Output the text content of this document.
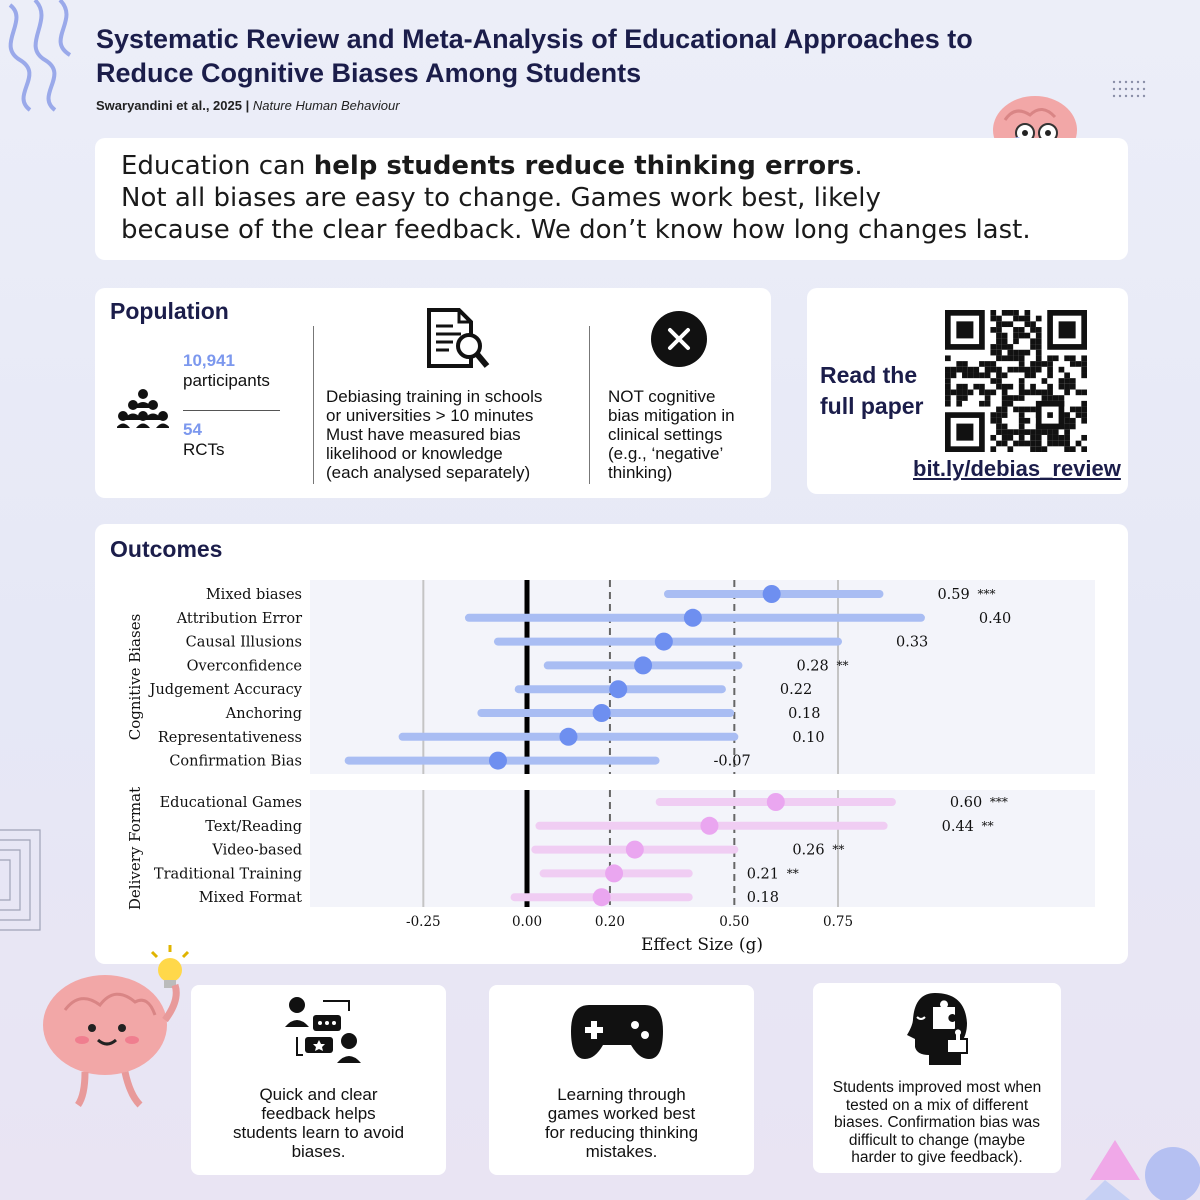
Systematic Review and Meta-Analysis of Educational Approaches to
Reduce Cognitive Biases Among Students
Swaryandini et al., 2025 | Nature Human Behaviour

Education can help students reduce thinking errors.
Not all biases are easy to change. Games work best, likely
because of the clear feedback. We don’t know how long changes last.

Population
10,941
participants
54
RCTs
Debiasing training in schools
or universities > 10 minutes
Must have measured bias
likelihood or knowledge
(each analysed separately)
NOT cognitive
bias mitigation in
clinical settings
(e.g., ‘negative’
thinking)
Read the
full paper
bit.ly/debias_review
Outcomes
Mixed biases	0.59 ***
Attribution Error	0.40
Causal Illusions	0.33
Overconfidence	0.28 **
Judgement Accuracy	0.22
Anchoring	0.18
Representativeness	0.10
Confirmation Bias	-0.07
Cognitive Biases
Educational Games	0.60 ***
Text/Reading	0.44 **
Video-based	0.26 **
Traditional Training	0.21 **
Mixed Format	0.18
Delivery Format
-0.25	0.00	0.20	0.50	0.75
Effect Size (g)
Quick and clear
feedback helps
students learn to avoid
biases.
Learning through
games worked best
for reducing thinking
mistakes.
Students improved most when
tested on a mix of different
biases. Confirmation bias was
difficult to change (maybe
harder to give feedback).
